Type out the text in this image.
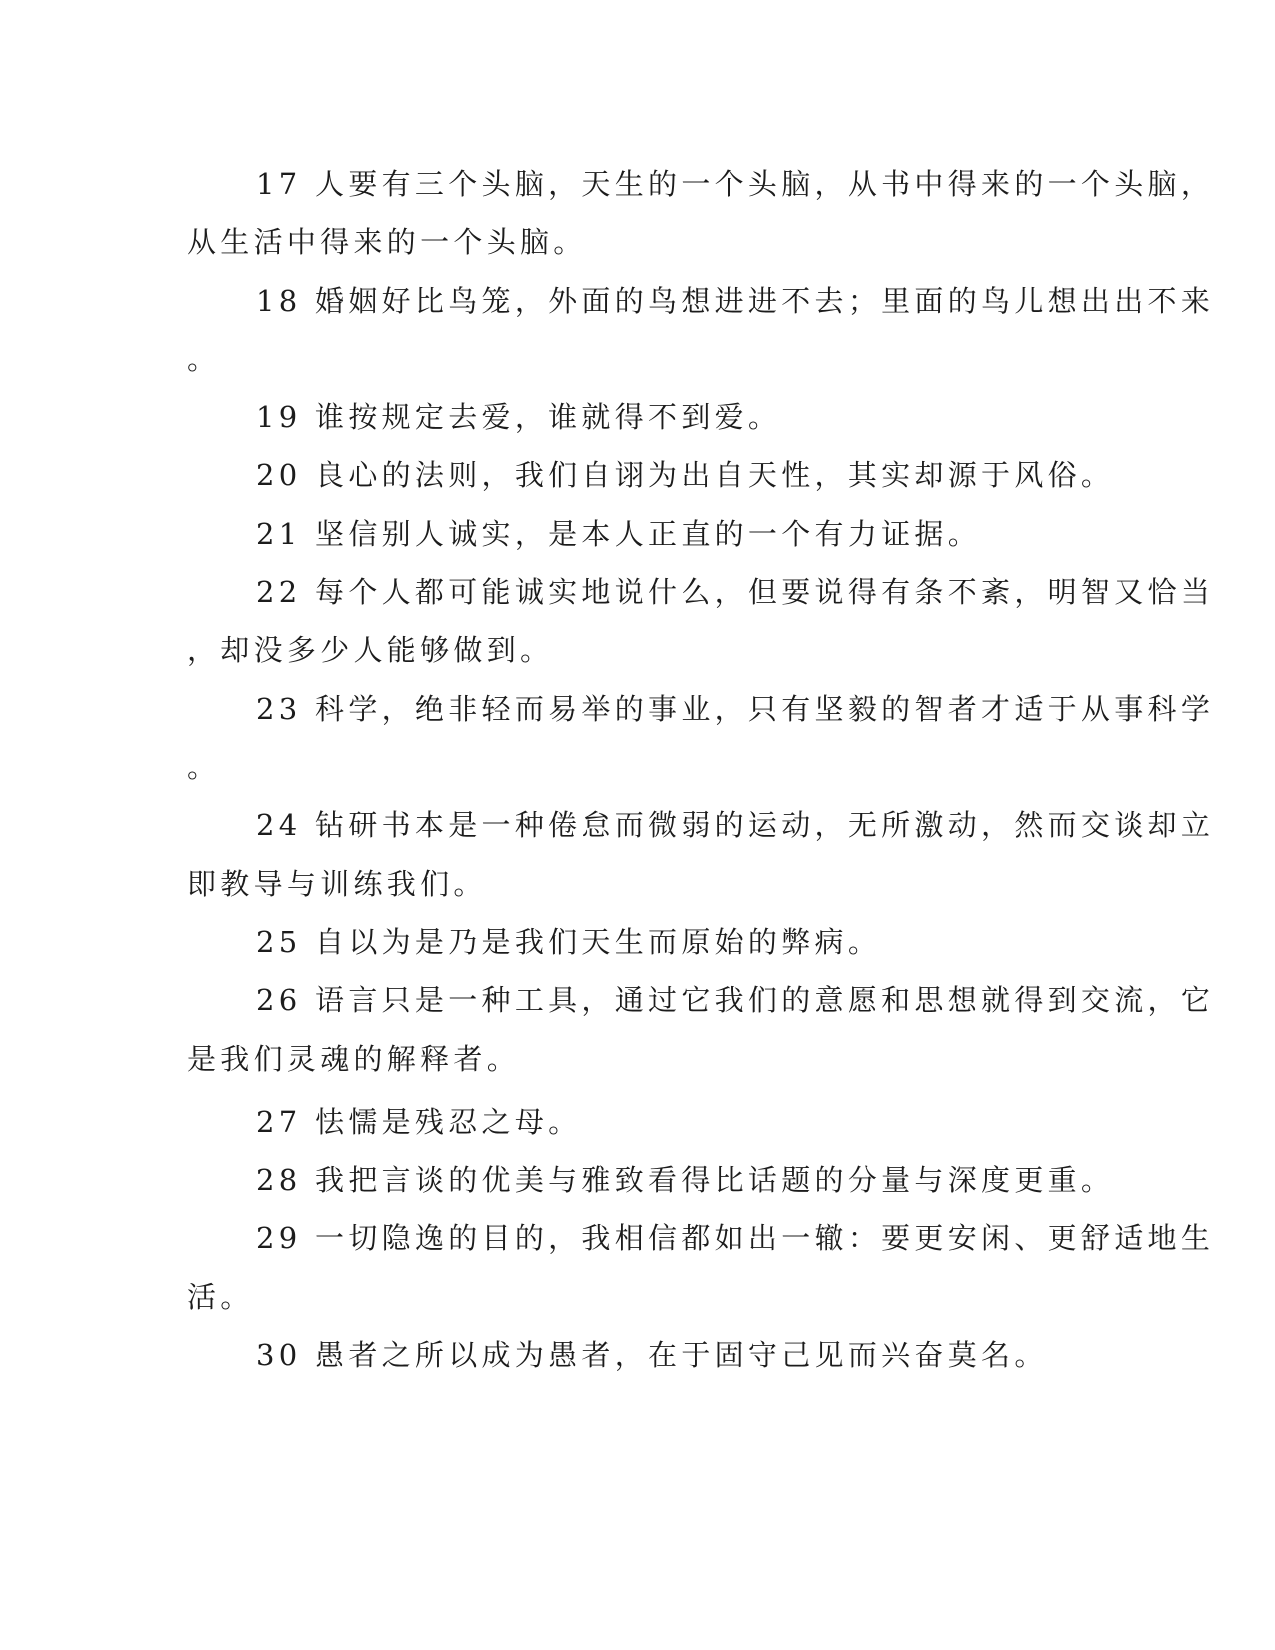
17 人要有三个头脑，天生的一个头脑，从书中得来的一个头脑，

从生活中得来的一个头脑。

18 婚姻好比鸟笼，外面的鸟想进进不去；里面的鸟儿想出出不来

。

19 谁按规定去爱，谁就得不到爱。

20 良心的法则，我们自诩为出自天性，其实却源于风俗。

21 坚信别人诚实，是本人正直的一个有力证据。

22 每个人都可能诚实地说什么，但要说得有条不紊，明智又恰当

，却没多少人能够做到。

23 科学，绝非轻而易举的事业，只有坚毅的智者才适于从事科学

。

24 钻研书本是一种倦怠而微弱的运动，无所激动，然而交谈却立

即教导与训练我们。

25 自以为是乃是我们天生而原始的弊病。

26 语言只是一种工具，通过它我们的意愿和思想就得到交流，它

是我们灵魂的解释者。

27 怯懦是残忍之母。

28 我把言谈的优美与雅致看得比话题的分量与深度更重。

29 一切隐逸的目的，我相信都如出一辙：要更安闲、更舒适地生

活。

30 愚者之所以成为愚者，在于固守己见而兴奋莫名。
